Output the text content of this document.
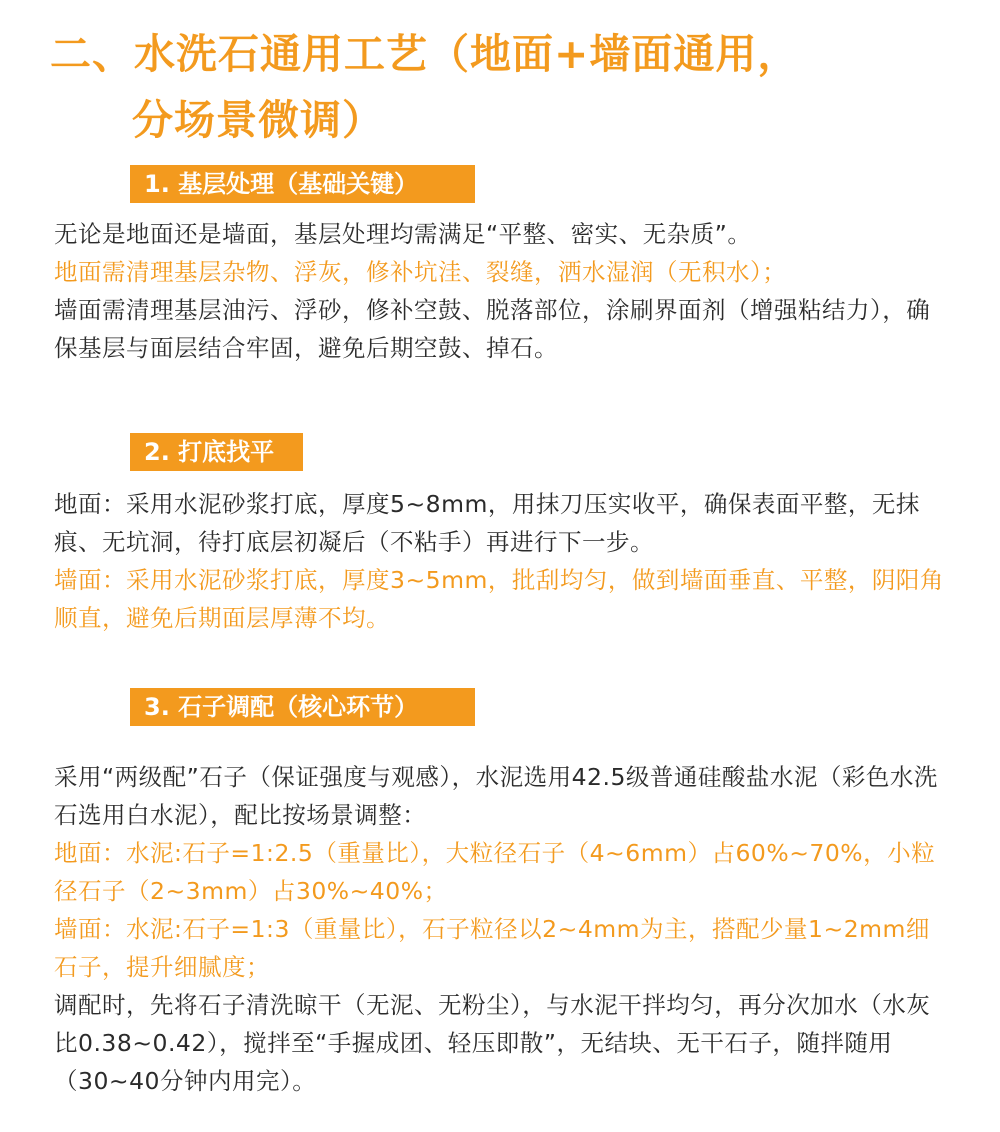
二、水洗石通用工艺（地面+墙面通用，
分场景微调）
1. 基层处理（基础关键）

无论是地面还是墙面，基层处理均需满足“平整、密实、无杂质”。

地面需清理基层杂物、浮灰，修补坑洼、裂缝，洒水湿润（无积水）；

墙面需清理基层油污、浮砂，修补空鼓、脱落部位，涂刷界面剂（增强粘结力），确保基层与面层结合牢固，避免后期空鼓、掉石。

2. 打底找平

地面：采用水泥砂浆打底，厚度5~8mm，用抹刀压实收平，确保表面平整，无抹痕、无坑洞，待打底层初凝后（不粘手）再进行下一步。

墙面：采用水泥砂浆打底，厚度3~5mm，批刮均匀，做到墙面垂直、平整，阴阳角顺直，避免后期面层厚薄不均。

3. 石子调配（核心环节）

采用“两级配”石子（保证强度与观感），水泥选用42.5级普通硅酸盐水泥（彩色水洗石选用白水泥），配比按场景调整：

地面：水泥:石子=1:2.5（重量比），大粒径石子（4~6mm）占60%~70%，小粒径石子（2~3mm）占30%~40%；

墙面：水泥:石子=1:3（重量比），石子粒径以2~4mm为主，搭配少量1~2mm细石子，提升细腻度；

调配时，先将石子清洗晾干（无泥、无粉尘），与水泥干拌均匀，再分次加水（水灰比0.38~0.42），搅拌至“手握成团、轻压即散”，无结块、无干石子，随拌随用（30~40分钟内用完）。
